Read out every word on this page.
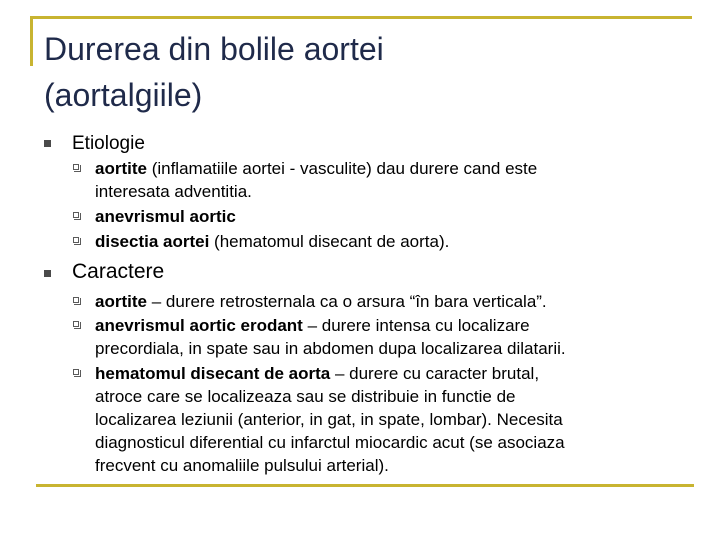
Durerea din bolile aortei
(aortalgiile)
Etiologie
aortite (inflamatiile aortei - vasculite) dau durere cand este
interesata adventitia.
anevrismul aortic
disectia aortei (hematomul disecant de aorta).
Caractere
aortite – durere retrosternala ca o arsura “în bara verticala”.
anevrismul aortic erodant – durere intensa cu localizare
precordiala, in spate sau in abdomen dupa localizarea dilatarii.
hematomul disecant de aorta – durere cu caracter brutal,
atroce care se localizeaza sau se distribuie in functie de
localizarea leziunii (anterior, in gat, in spate, lombar). Necesita
diagnosticul diferential cu infarctul miocardic acut (se asociaza
frecvent cu anomaliile pulsului arterial).
